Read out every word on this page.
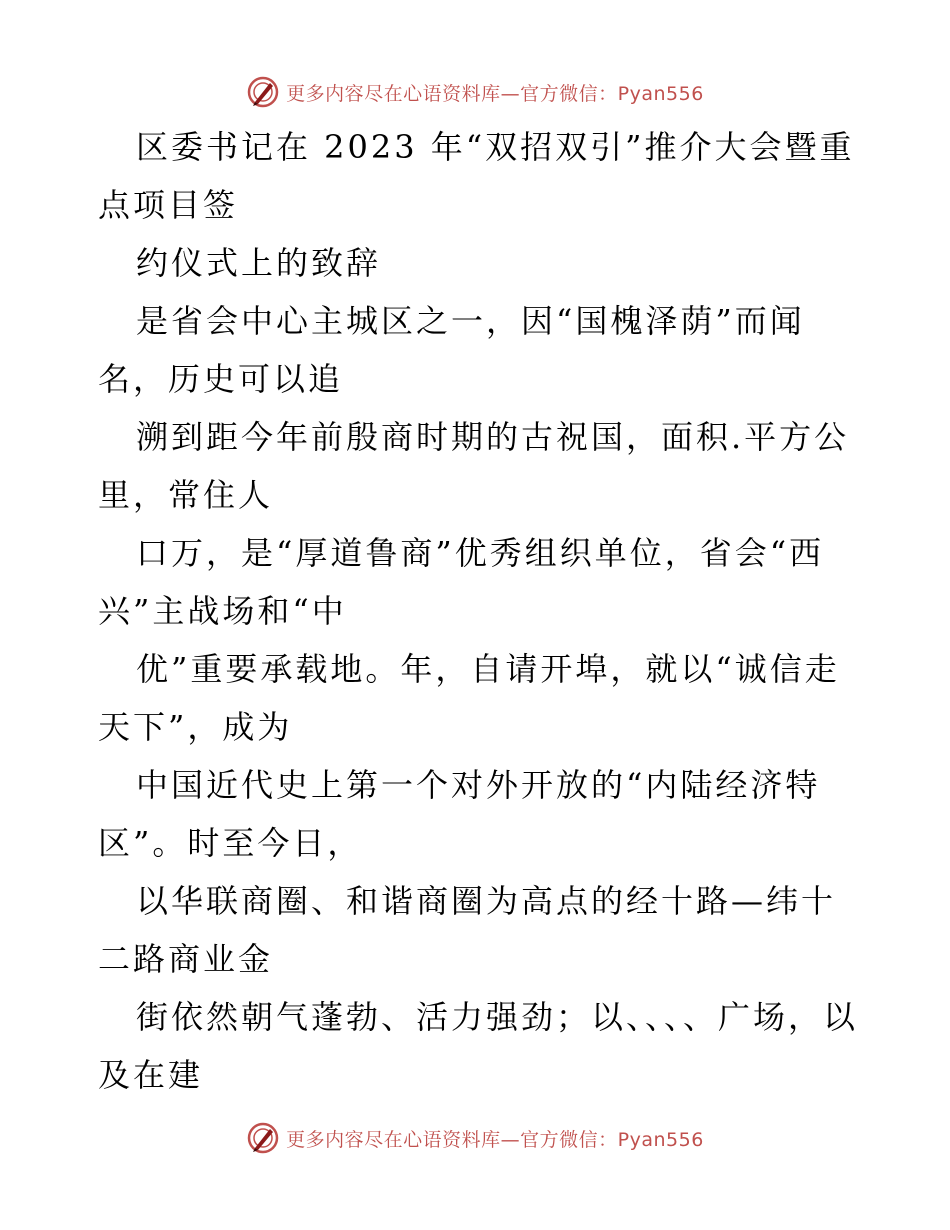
更多内容尽在心语资料库—官方微信：Pyan556

区委书记在 2023 年“双招双引”推介大会暨重点项目签

约仪式上的致辞

是省会中心主城区之一，因“国槐泽荫”而闻名，历史可以追

溯到距今年前殷商时期的古祝国，面积.平方公里，常住人

口万，是“厚道鲁商”优秀组织单位，省会“西兴”主战场和“中

优”重要承载地。年，自请开埠，就以“诚信走天下”，成为

中国近代史上第一个对外开放的“内陆经济特区”。时至今日，

以华联商圈、和谐商圈为高点的经十路—纬十二路商业金

街依然朝气蓬勃、活力强劲；以、、、、广场，以及在建

更多内容尽在心语资料库—官方微信：Pyan556
